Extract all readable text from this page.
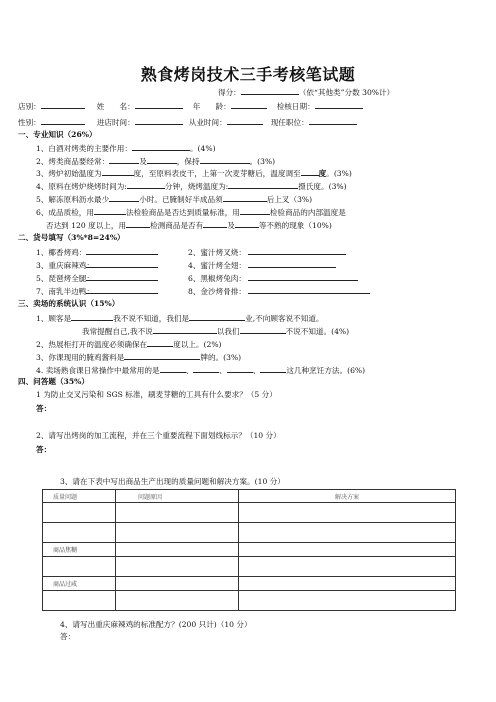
熟食烤岗技术三手考核笔试题
得分：	（依“其他类”分数 30%计）
店别：	姓　　名：	年　　龄：	检核日期：
性别：	进店时间：	从业时间：	现任职位：
一、专业知识（26%）
1、白酒对烤类的主要作用：	。(4%)
2、烤类商品要经常：	及	，保持	。(3%)
3、烤炉初始温度为	度，至原料表皮干，上第一次麦芽糖后，温度调至 度。(3%)
4、原料在烤炉烧烤时间为:	分钟，烧烤温度为:	摄氏度。(3%)
5、解冻原料沥水最少	小时。已腌制好半成品须	后上叉（3%)
6、成品质检，用	法检验商品是否达到质量标准，用	检验商品的内部温度是
否达到 120 度以上，用	检测商品是否有	及	等不熟的现象（10%)
二、货号填写（3%*8=24%）
1、椰香烤鸡：	2、蜜汁烤叉烧：
3、重庆麻辣鸡：	4、蜜汁烤全翅：
5、琵琶烤全腿：	6、黑椒烤兔肉：
7、南乳半边鸭：	8、金沙烤骨排：
三、卖场的系统认识（15%）
1、顾客是	我不说不知道，我们是	业,不向顾客说不知道。
我常提醒自己,我不说	以我们	不说不知道。(4%)
2、热展柜打开的温度必须确保在	度以上。(2%)
3、你课现用的腌鸡酱料是	牌的。(3%)
4. 卖场熟食课日常操作中最常用的是	、	、	、	这几种烹饪方法。(6%)
四、问答题（35%）
1 为防止交叉污染和 SGS 标准，刷麦芽糖的工具有什么要求？（5 分）
答：
2、请写出烤岗的加工流程，并在三个重要流程下面划线标示？（10 分）
答：
3、请在下表中写出商品生产出现的质量问题和解决方案。(10 分）
质量问题	问题原因	解决方案

商品焦糊		

商品过咸		

4、请写出重庆麻辣鸡的标准配方？(200 只计)（10 分）
答：
